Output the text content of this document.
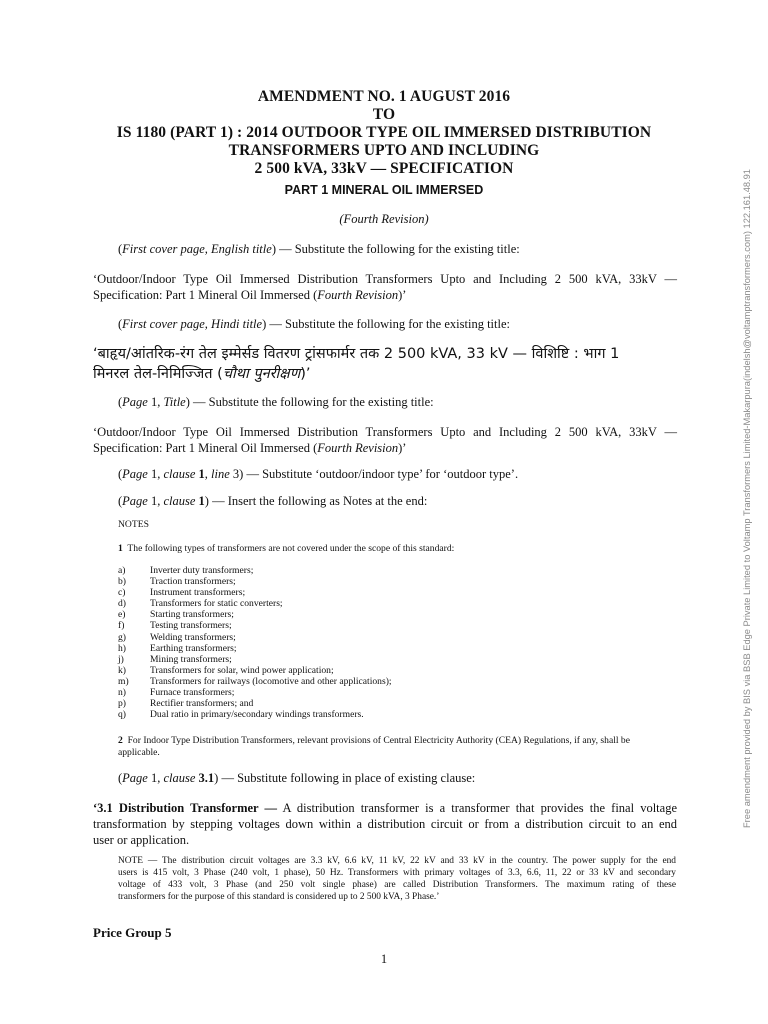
AMENDMENT NO. 1 AUGUST 2016
TO
IS 1180 (PART 1) : 2014 OUTDOOR TYPE OIL IMMERSED DISTRIBUTION
TRANSFORMERS UPTO AND INCLUDING
2 500 kVA, 33kV — SPECIFICATION
PART 1 MINERAL OIL IMMERSED
(Fourth Revision)
(First cover page, English title) — Substitute the following for the existing title:
‘Outdoor/Indoor Type Oil Immersed Distribution Transformers Upto and Including 2 500 kVA, 33kV —
Specification: Part 1 Mineral Oil Immersed (Fourth Revision)’
(First cover page, Hindi title) — Substitute the following for the existing title:
‘बाहृय/आंतरिक-रंग तेल इम्मेर्सड वितरण ट्रांसफार्मर तक 2 500 kVA, 33 kV — विशिष्टि : भाग 1
मिनरल तेल-निमिज्जित (चौथा पुनरीक्षण)’
(Page 1, Title) — Substitute the following for the existing title:
‘Outdoor/Indoor Type Oil Immersed Distribution Transformers Upto and Including 2 500 kVA, 33kV —
Specification: Part 1 Mineral Oil Immersed (Fourth Revision)’
(Page 1, clause 1, line 3) — Substitute ‘outdoor/indoor type’ for ‘outdoor type’.
(Page 1, clause 1) — Insert the following as Notes at the end:
NOTES
1 The following types of transformers are not covered under the scope of this standard:
a)	Inverter duty transformers;
b)	Traction transformers;
c)	Instrument transformers;
d)	Transformers for static converters;
e)	Starting transformers;
f)	Testing transformers;
g)	Welding transformers;
h)	Earthing transformers;
j)	Mining transformers;
k)	Transformers for solar, wind power application;
m)	Transformers for railways (locomotive and other applications);
n)	Furnace transformers;
p)	Rectifier transformers; and
q)	Dual ratio in primary/secondary windings transformers.
2 For Indoor Type Distribution Transformers, relevant provisions of Central Electricity Authority (CEA) Regulations, if any, shall be
applicable.
(Page 1, clause 3.1) — Substitute following in place of existing clause:
‘3.1 Distribution Transformer — A distribution transformer is a transformer that provides the final voltage
transformation by stepping voltages down within a distribution circuit or from a distribution circuit to an end
user or application.
NOTE — The distribution circuit voltages are 3.3 kV, 6.6 kV, 11 kV, 22 kV and 33 kV in the country. The power supply for the end
users is 415 volt, 3 Phase (240 volt, 1 phase), 50 Hz. Transformers with primary voltages of 3.3, 6.6, 11, 22 or 33 kV and secondary
voltage of 433 volt, 3 Phase (and 250 volt single phase) are called Distribution Transformers. The maximum rating of these
transformers for the purpose of this standard is considered up to 2 500 kVA, 3 Phase.’
Price Group 5
1
Free amendment provided by BIS via BSB Edge Private Limited to Voltamp Transformers Limited-Makarpura(indelsh@voltamptransformers.com) 122.161.48.91
